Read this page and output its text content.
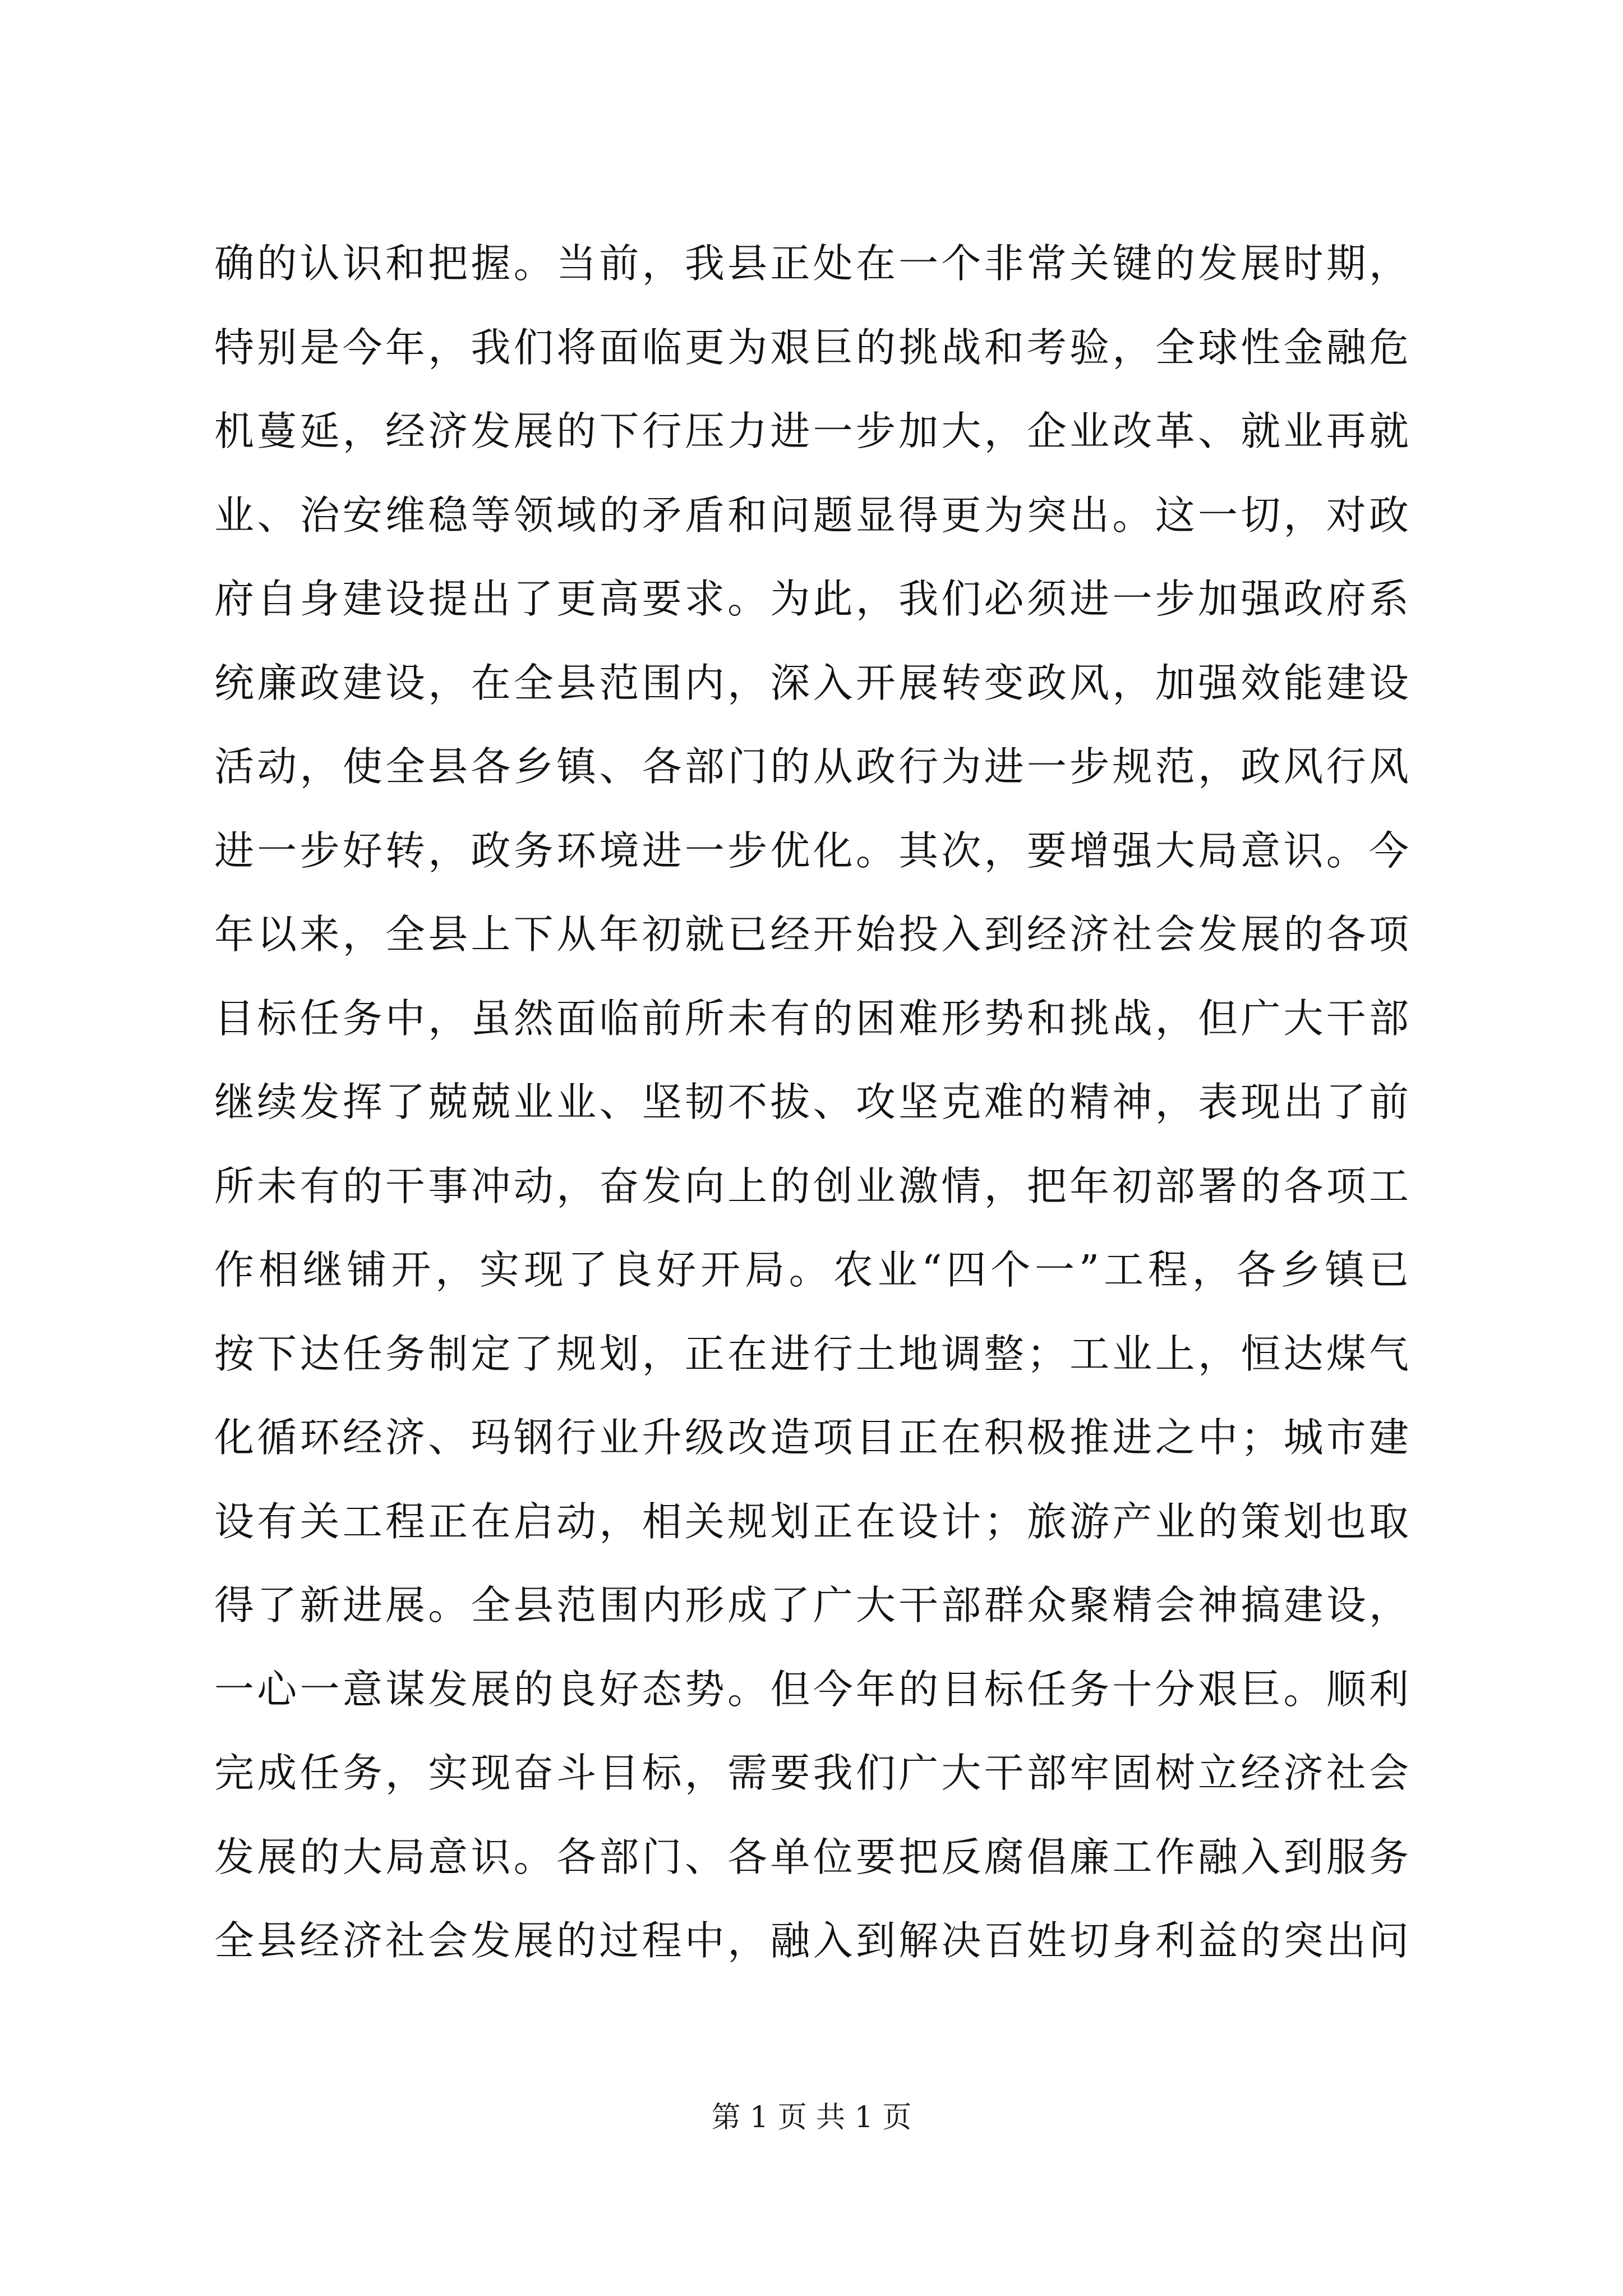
确的认识和把握。当前，我县正处在一个非常关键的发展时期，
特别是今年，我们将面临更为艰巨的挑战和考验，全球性金融危
机蔓延，经济发展的下行压力进一步加大，企业改革、就业再就
业、治安维稳等领域的矛盾和问题显得更为突出。这一切，对政
府自身建设提出了更高要求。为此，我们必须进一步加强政府系
统廉政建设，在全县范围内，深入开展转变政风，加强效能建设
活动，使全县各乡镇、各部门的从政行为进一步规范，政风行风
进一步好转，政务环境进一步优化。其次，要增强大局意识。今
年以来，全县上下从年初就已经开始投入到经济社会发展的各项
目标任务中，虽然面临前所未有的困难形势和挑战，但广大干部
继续发挥了兢兢业业、坚韧不拔、攻坚克难的精神，表现出了前
所未有的干事冲动，奋发向上的创业激情，把年初部署的各项工
作相继铺开，实现了良好开局。农业“四个一”工程，各乡镇已
按下达任务制定了规划，正在进行土地调整；工业上，恒达煤气
化循环经济、玛钢行业升级改造项目正在积极推进之中；城市建
设有关工程正在启动，相关规划正在设计；旅游产业的策划也取
得了新进展。全县范围内形成了广大干部群众聚精会神搞建设，
一心一意谋发展的良好态势。但今年的目标任务十分艰巨。顺利
完成任务，实现奋斗目标，需要我们广大干部牢固树立经济社会
发展的大局意识。各部门、各单位要把反腐倡廉工作融入到服务
全县经济社会发展的过程中，融入到解决百姓切身利益的突出问
第 1 页 共 1 页
